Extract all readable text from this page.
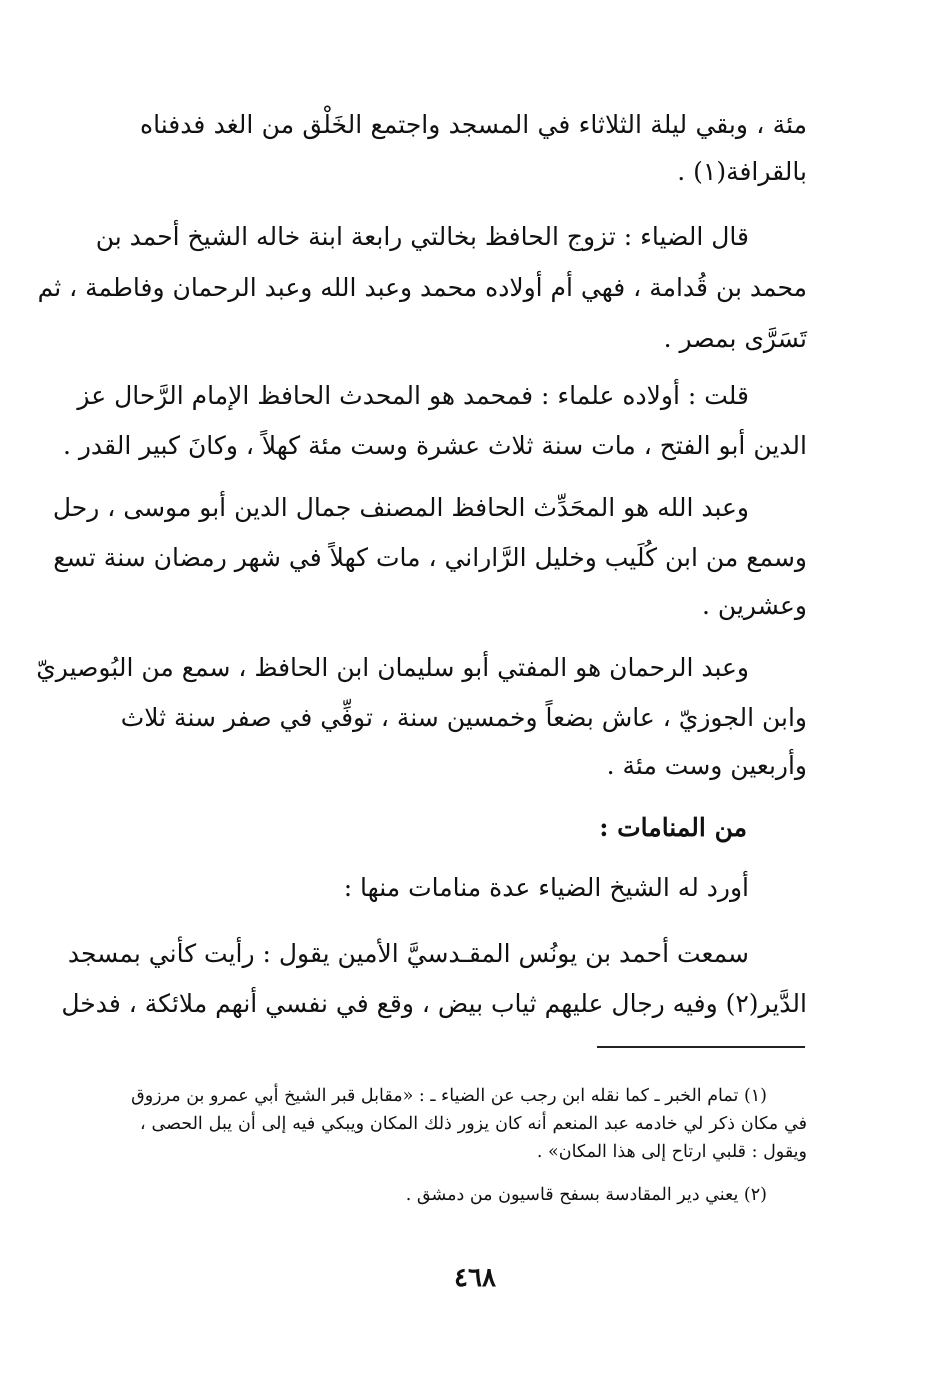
مئة ، وبقي ليلة الثلاثاء في المسجد واجتمع الخَلْق من الغد فدفناه
بالقرافة(١) .
قال الضياء : تزوج الحافظ بخالتي رابعة ابنة خاله الشيخ أحمد بن
محمد بن قُدامة ، فهي أم أولاده محمد وعبد الله وعبد الرحمان وفاطمة ، ثم
تَسَرَّى بمصر .
قلت : أولاده علماء : فمحمد هو المحدث الحافظ الإمام الرَّحال عز
الدين أبو الفتح ، مات سنة ثلاث عشرة وست مئة كهلاً ، وكانَ كبير القدر .
وعبد الله هو المحَدِّث الحافظ المصنف جمال الدين أبو موسى ، رحل
وسمع من ابن كُلَيب وخليل الرَّاراني ، مات كهلاً في شهر رمضان سنة تسع
وعشرين .
وعبد الرحمان هو المفتي أبو سليمان ابن الحافظ ، سمع من البُوصيريّ
وابن الجوزيّ ، عاش بضعاً وخمسين سنة ، توفِّي في صفر سنة ثلاث
وأربعين وست مئة .
من المنامات :
أورد له الشيخ الضياء عدة منامات منها :
سمعت أحمد بن يونُس المقـدسيَّ الأمين يقول : رأيت كأني بمسجد
الدَّير(٢) وفيه رجال عليهم ثياب بيض ، وقع في نفسي أنهم ملائكة ، فدخل
(١) تمام الخبر ـ كما نقله ابن رجب عن الضياء ـ : «مقابل قبر الشيخ أبي عمرو بن مرزوق
في مكان ذكر لي خادمه عبد المنعم أنه كان يزور ذلك المكان ويبكي فيه إلى أن يبل الحصى ،
ويقول : قلبي ارتاح إلى هذا المكان» .
(٢) يعني دير المقادسة بسفح قاسيون من دمشق .
٤٦٨
